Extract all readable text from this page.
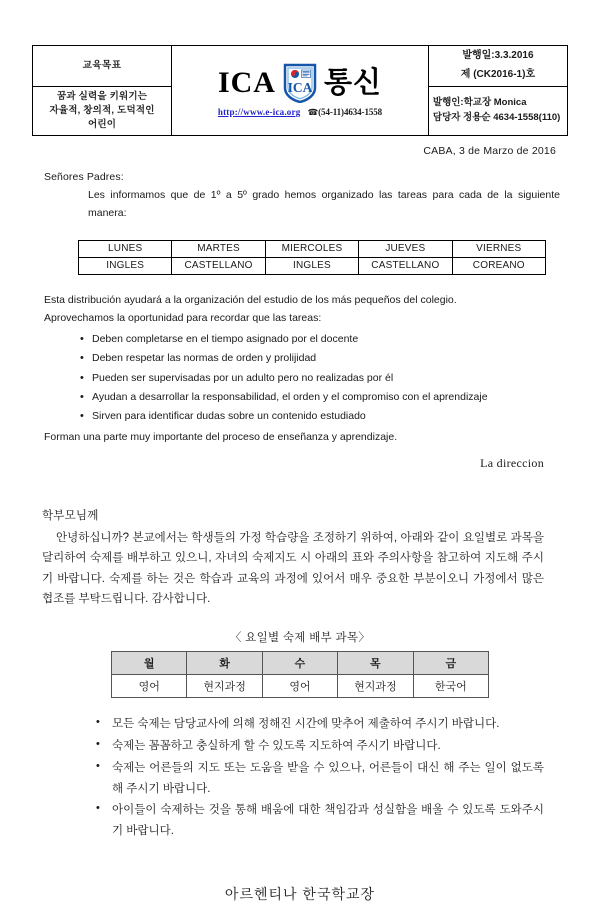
교육목표

ICA ICA 통신
http://www.e-ica.org ☎(54-11)4634-1558

발행일:3.3.2016
제 (CK2016-1)호

꿈과 실력을 키워기는
자율적, 창의적, 도덕적인
어린이

발행인:학교장 Monica
담당자 정용순 4634-1558(110)
CABA, 3 de Marzo de 2016
Señores Padres:
Les informamos que de 1º a 5º grado hemos organizado las tareas para cada de la siguiente manera:
LUNES	MARTES	MIERCOLES	JUEVES	VIERNES
INGLES	CASTELLANO	INGLES	CASTELLANO	COREANO
Esta distribución ayudará a la organización del estudio de los más pequeños del colegio.
Aprovechamos la oportunidad para recordar que las tareas:
• Deben completarse en el tiempo asignado por el docente
• Deben respetar las normas de orden y prolijidad
• Pueden ser supervisadas por un adulto pero no realizadas por él
• Ayudan a desarrollar la responsabilidad, el orden y el compromiso con el aprendizaje
• Sirven para identificar dudas sobre un contenido estudiado
Forman una parte muy importante del proceso de enseñanza y aprendizaje.
La direccion
학부모님께
안녕하십니까? 본교에서는 학생들의 가정 학습량을 조정하기 위하여, 아래와 같이 요일별로 과목을 달리하여 숙제를 배부하고 있으니, 자녀의 숙제지도 시 아래의 표와 주의사항을 참고하여 지도해 주시기 바랍니다. 숙제를 하는 것은 학습과 교육의 과정에 있어서 매우 중요한 부분이오니 가정에서 많은 협조를 부탁드립니다. 감사합니다.
〈 요일별 숙제 배부 과목〉
월	화	수	목	금
영어	현지과정	영어	현지과정	한국어
• 모든 숙제는 담당교사에 의해 정해진 시간에 맞추어 제출하여 주시기 바랍니다.
• 숙제는 꼼꼼하고 충실하게 할 수 있도록 지도하여 주시기 바랍니다.
• 숙제는 어른들의 지도 또는 도움을 받을 수 있으나, 어른들이 대신 해 주는 일이 없도록 해 주시기 바랍니다.
• 아이들이 숙제하는 것을 통해 배움에 대한 책임감과 성실함을 배울 수 있도록 도와주시기 바랍니다.
아르헨티나 한국학교장
